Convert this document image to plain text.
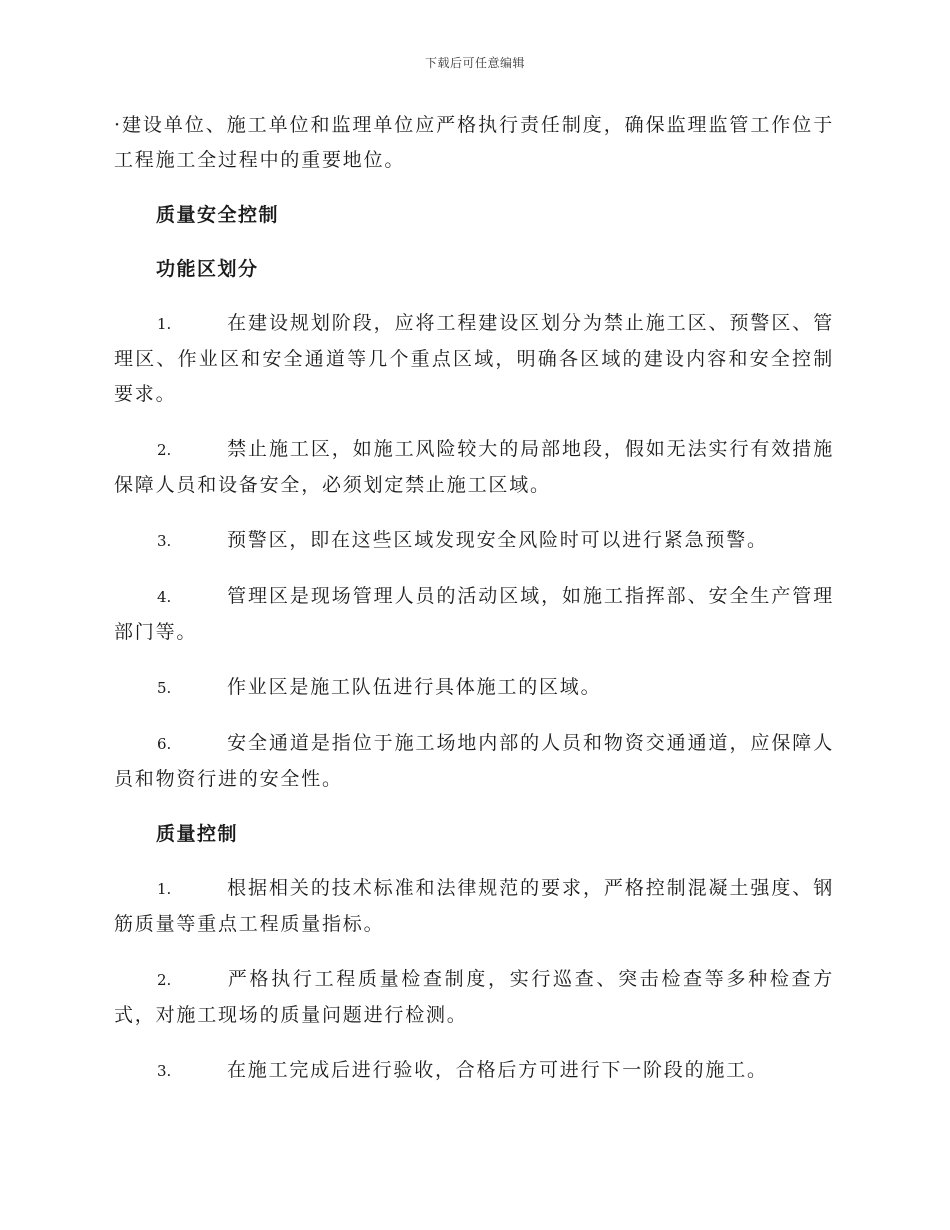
下载后可任意编辑

·建设单位、施工单位和监理单位应严格执行责任制度，确保监理监管工作位于工程施工全过程中的重要地位。

质量安全控制
功能区划分

1.	在建设规划阶段，应将工程建设区划分为禁止施工区、预警区、管理区、作业区和安全通道等几个重点区域，明确各区域的建设内容和安全控制要求。

2.	禁止施工区，如施工风险较大的局部地段，假如无法实行有效措施保障人员和设备安全，必须划定禁止施工区域。

3.	预警区，即在这些区域发现安全风险时可以进行紧急预警。

4.	管理区是现场管理人员的活动区域，如施工指挥部、安全生产管理部门等。

5.	作业区是施工队伍进行具体施工的区域。

6.	安全通道是指位于施工场地内部的人员和物资交通通道，应保障人员和物资行进的安全性。

质量控制

1.	根据相关的技术标准和法律规范的要求，严格控制混凝土强度、钢筋质量等重点工程质量指标。

2.	严格执行工程质量检查制度，实行巡查、突击检查等多种检查方式，对施工现场的质量问题进行检测。

3.	在施工完成后进行验收，合格后方可进行下一阶段的施工。
